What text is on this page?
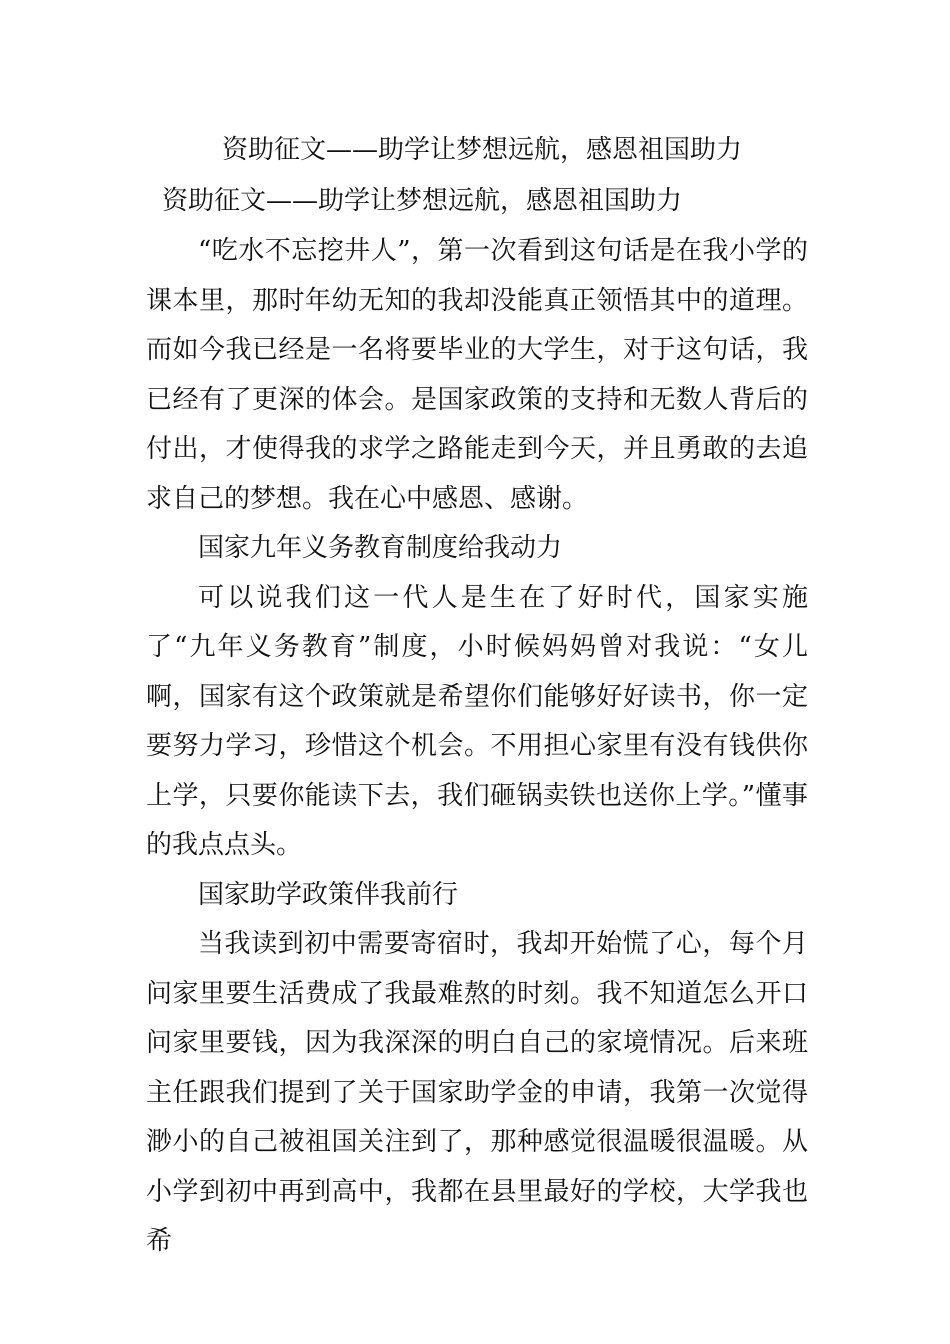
资助征文——助学让梦想远航，感恩祖国助力
资助征文——助学让梦想远航，感恩祖国助力

“吃水不忘挖井人”，第一次看到这句话是在我小学的课本里，那时年幼无知的我却没能真正领悟其中的道理。而如今我已经是一名将要毕业的大学生，对于这句话，我已经有了更深的体会。是国家政策的支持和无数人背后的付出，才使得我的求学之路能走到今天，并且勇敢的去追求自己的梦想。我在心中感恩、感谢。

国家九年义务教育制度给我动力

可以说我们这一代人是生在了好时代，国家实施了“九年义务教育”制度，小时候妈妈曾对我说：“女儿啊，国家有这个政策就是希望你们能够好好读书，你一定要努力学习，珍惜这个机会。不用担心家里有没有钱供你上学，只要你能读下去，我们砸锅卖铁也送你上学。”懂事的我点点头。

国家助学政策伴我前行

当我读到初中需要寄宿时，我却开始慌了心，每个月问家里要生活费成了我最难熬的时刻。我不知道怎么开口问家里要钱，因为我深深的明白自己的家境情况。后来班主任跟我们提到了关于国家助学金的申请，我第一次觉得渺小的自己被祖国关注到了，那种感觉很温暖很温暖。从小学到初中再到高中，我都在县里最好的学校，大学我也希
